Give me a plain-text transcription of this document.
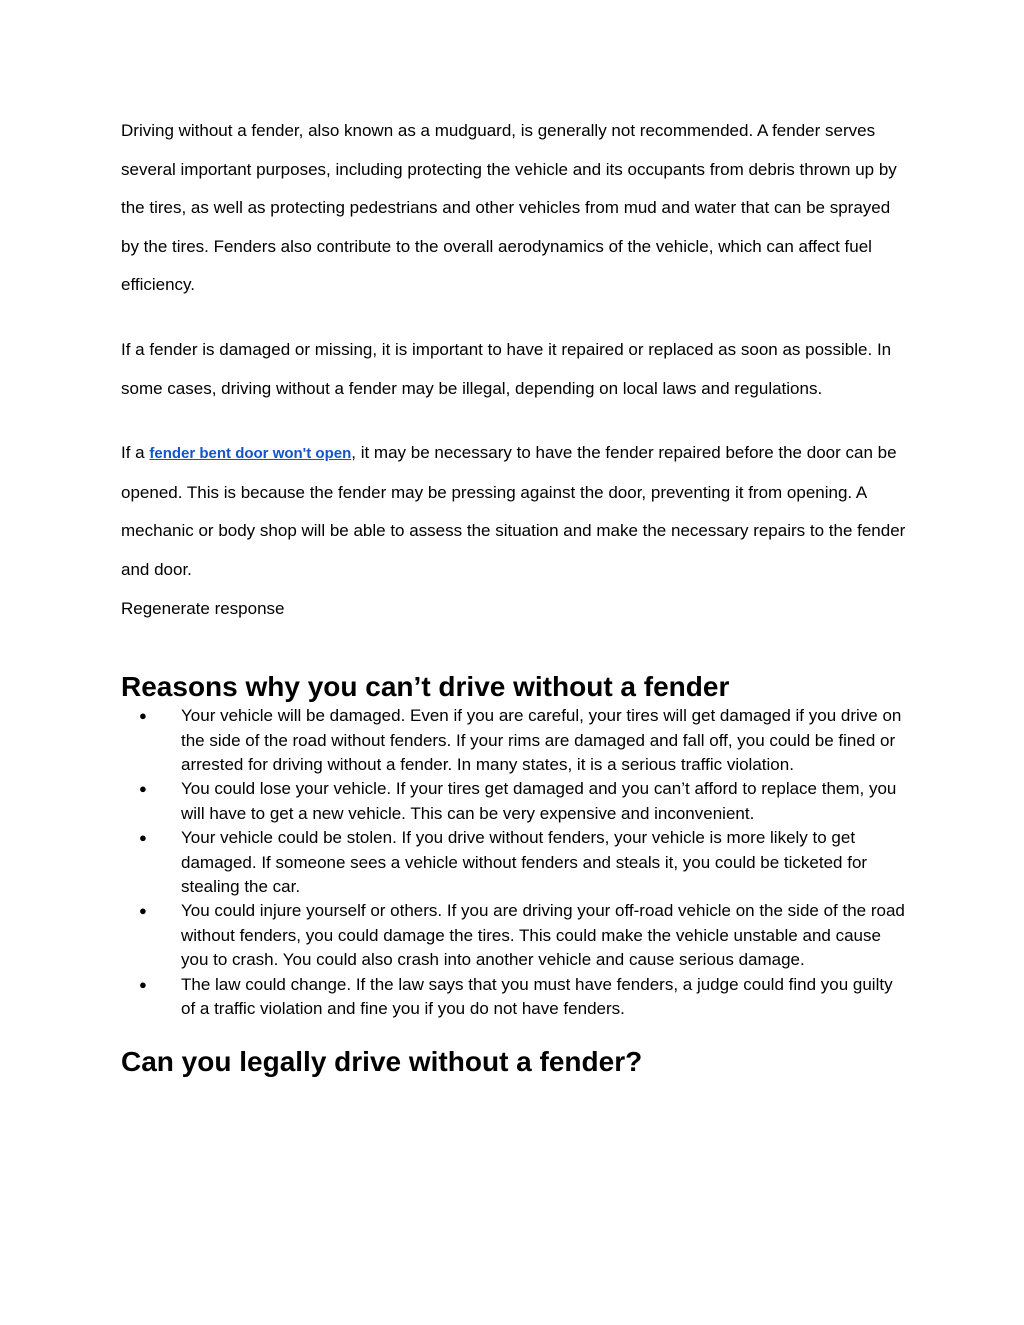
Driving without a fender, also known as a mudguard, is generally not recommended. A fender serves several important purposes, including protecting the vehicle and its occupants from debris thrown up by the tires, as well as protecting pedestrians and other vehicles from mud and water that can be sprayed by the tires. Fenders also contribute to the overall aerodynamics of the vehicle, which can affect fuel efficiency.

If a fender is damaged or missing, it is important to have it repaired or replaced as soon as possible. In some cases, driving without a fender may be illegal, depending on local laws and regulations.

If a fender bent door won't open, it may be necessary to have the fender repaired before the door can be opened. This is because the fender may be pressing against the door, preventing it from opening. A mechanic or body shop will be able to assess the situation and make the necessary repairs to the fender and door.

Regenerate response

Reasons why you can’t drive without a fender
● Your vehicle will be damaged. Even if you are careful, your tires will get damaged if you drive on the side of the road without fenders. If your rims are damaged and fall off, you could be fined or arrested for driving without a fender. In many states, it is a serious traffic violation.
● You could lose your vehicle. If your tires get damaged and you can’t afford to replace them, you will have to get a new vehicle. This can be very expensive and inconvenient.
● Your vehicle could be stolen. If you drive without fenders, your vehicle is more likely to get damaged. If someone sees a vehicle without fenders and steals it, you could be ticketed for stealing the car.
● You could injure yourself or others. If you are driving your off-road vehicle on the side of the road without fenders, you could damage the tires. This could make the vehicle unstable and cause you to crash. You could also crash into another vehicle and cause serious damage.
● The law could change. If the law says that you must have fenders, a judge could find you guilty of a traffic violation and fine you if you do not have fenders.
Can you legally drive without a fender?
